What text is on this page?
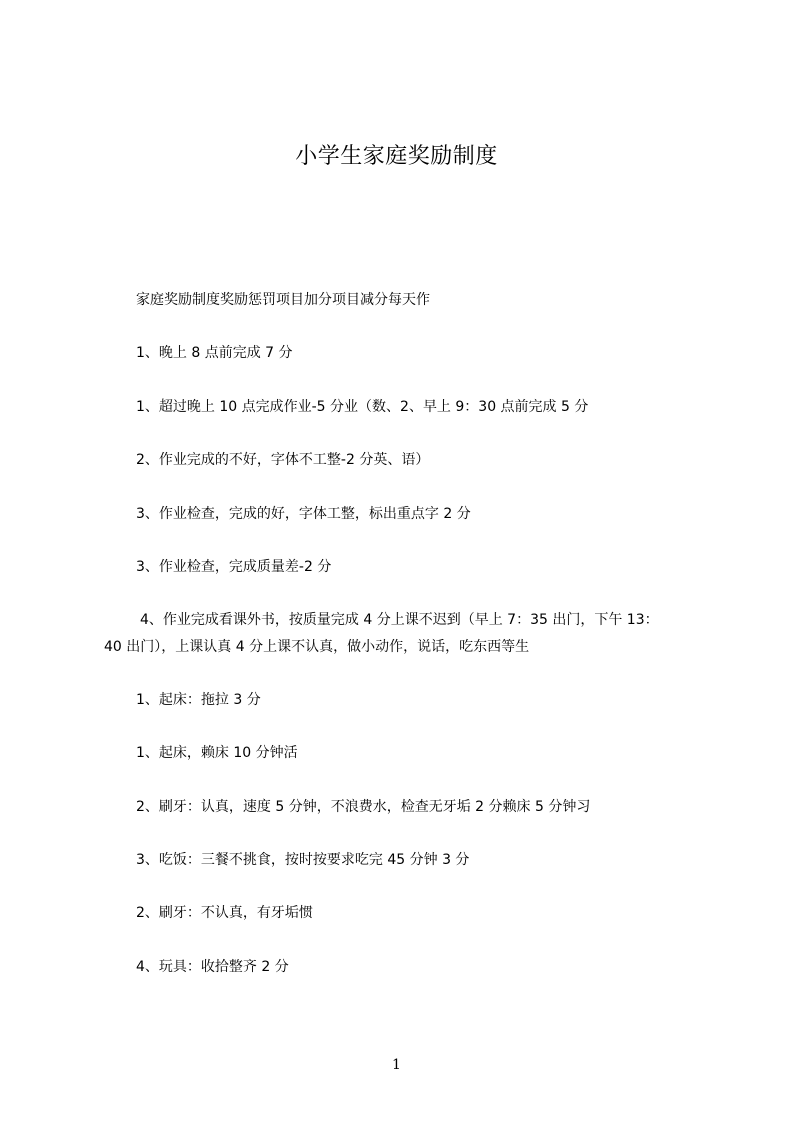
小学生家庭奖励制度
家庭奖励制度奖励惩罚项目加分项目减分每天作
1、晚上 8 点前完成 7 分
1、超过晚上 10 点完成作业-5 分业（数、2、早上 9：30 点前完成 5 分
2、作业完成的不好，字体不工整-2 分英、语）
3、作业检查，完成的好，字体工整，标出重点字 2 分
3、作业检查，完成质量差-2 分
4、作业完成看课外书，按质量完成 4 分上课不迟到（早上 7：35 出门，下午 13：
40 出门），上课认真 4 分上课不认真，做小动作，说话，吃东西等生
1、起床：拖拉 3 分
1、起床，赖床 10 分钟活
2、刷牙：认真，速度 5 分钟，不浪费水，检查无牙垢 2 分赖床 5 分钟习
3、吃饭：三餐不挑食，按时按要求吃完 45 分钟 3 分
2、刷牙：不认真，有牙垢惯
4、玩具：收拾整齐 2 分
1
